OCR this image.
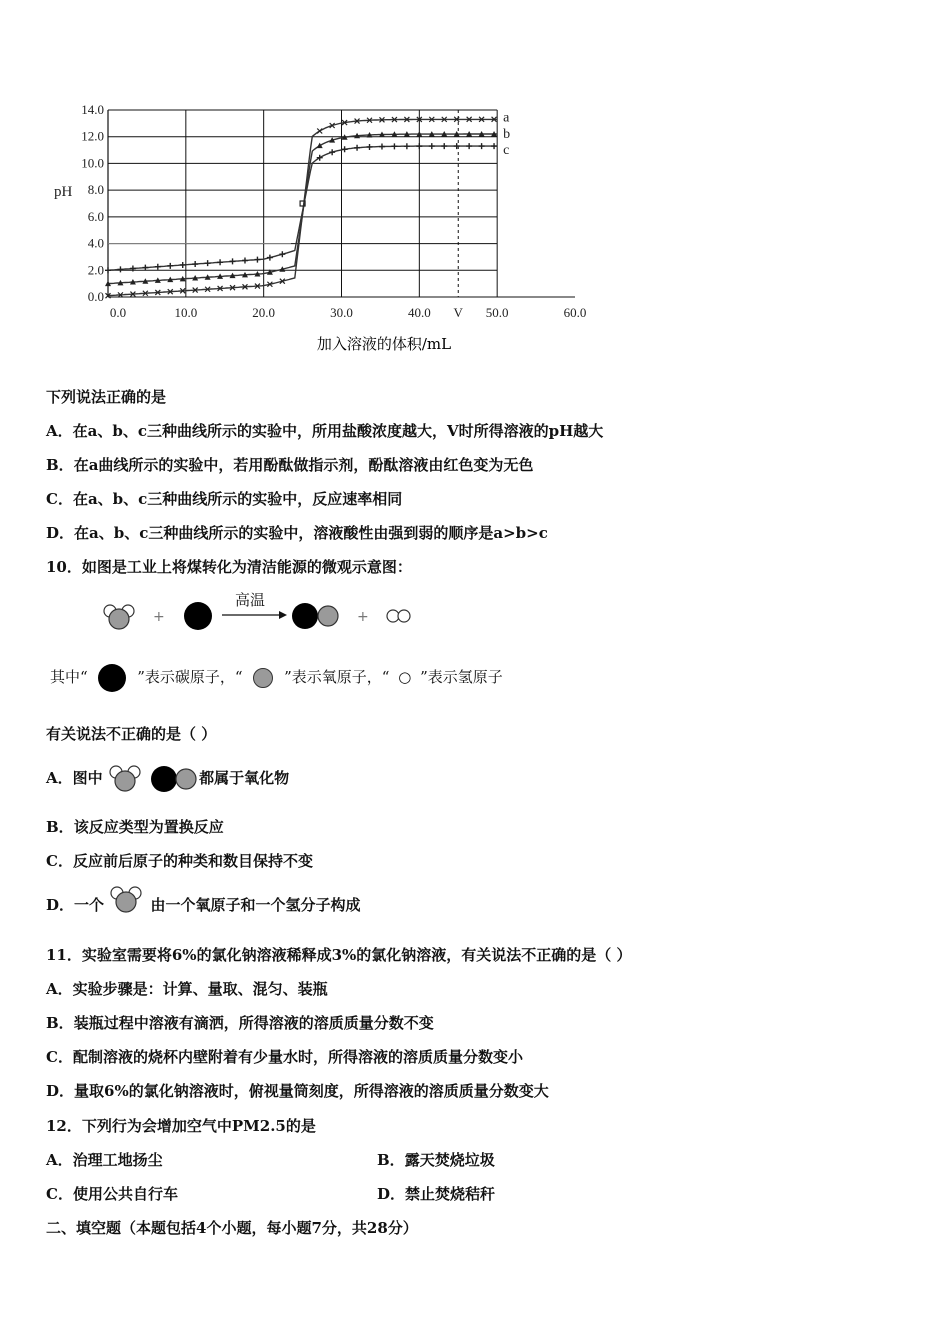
0.0
2.0
4.0
6.0
8.0
10.0
12.0
14.0
0.0	10.0	20.0	30.0	40.0 V 50.0	60.0
a
b
c
pH
加入溶液的体积/mL
下列说法正确的是
A．在a、b、c三种曲线所示的实验中，所用盐酸浓度越大，V时所得溶液的pH越大
B．在a曲线所示的实验中，若用酚酞做指示剂，酚酞溶液由红色变为无色
C．在a、b、c三种曲线所示的实验中，反应速率相同
D．在a、b、c三种曲线所示的实验中，溶液酸性由强到弱的顺序是a>b>c
10．如图是工业上将煤转化为清洁能源的微观示意图：
+
高温
+
其中“	”表示碳原子，“	”表示氧原子，“ ○ ”表示氢原子
有关说法不正确的是（ ）
A．图中	都属于氧化物
B．该反应类型为置换反应
C．反应前后原子的种类和数目保持不变
D．一个	由一个氧原子和一个氢分子构成
11．实验室需要将6%的氯化钠溶液稀释成3%的氯化钠溶液，有关说法不正确的是（ ）
A．实验步骤是：计算、量取、混匀、装瓶
B．装瓶过程中溶液有滴洒，所得溶液的溶质质量分数不变
C．配制溶液的烧杯内壁附着有少量水时，所得溶液的溶质质量分数变小
D．量取6%的氯化钠溶液时，俯视量筒刻度，所得溶液的溶质质量分数变大
12．下列行为会增加空气中PM2.5的是
A．治理工地扬尘	B．露天焚烧垃圾
C．使用公共自行车	D．禁止焚烧秸秆
二、填空题（本题包括4个小题，每小题7分，共28分）
